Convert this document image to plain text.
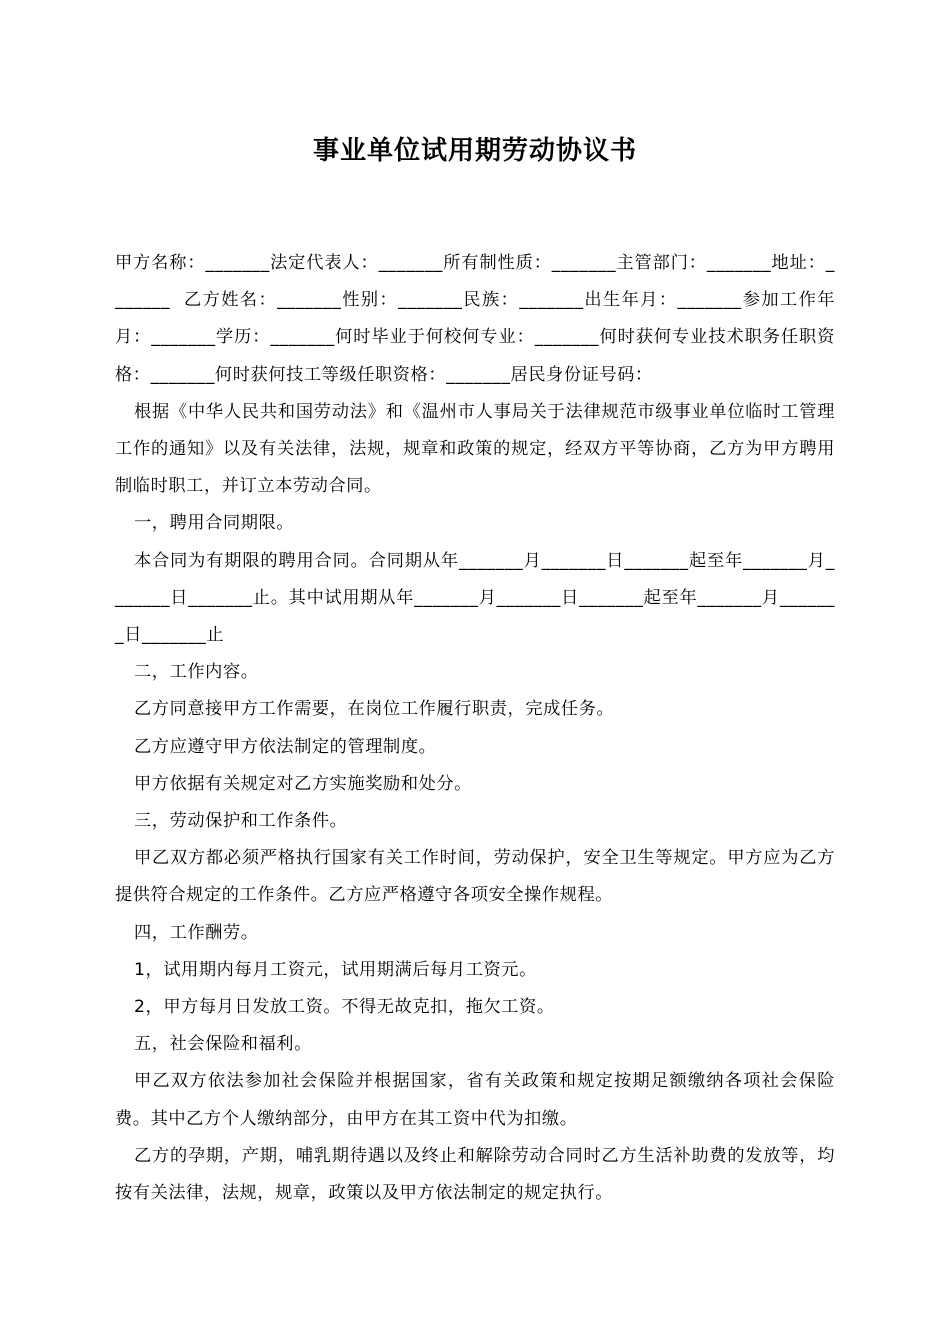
事业单位试用期劳动协议书

甲方名称：_______法定代表人：_______所有制性质：_______主管部门：_______地址：_______  乙方姓名：_______性别：_______民族：_______出生年月：_______参加工作年月：_______学历：_______何时毕业于何校何专业：_______何时获何专业技术职务任职资格：_______何时获何技工等级任职资格：_______居民身份证号码：

根据《中华人民共和国劳动法》和《温州市人事局关于法律规范市级事业单位临时工管理工作的通知》以及有关法律，法规，规章和政策的规定，经双方平等协商，乙方为甲方聘用制临时职工，并订立本劳动合同。

一，聘用合同期限。

本合同为有期限的聘用合同。合同期从年_______月_______日_______起至年_______月_______日_______止。其中试用期从年_______月_______日_______起至年_______月_______日_______止

二，工作内容。

乙方同意接甲方工作需要，在岗位工作履行职责，完成任务。

乙方应遵守甲方依法制定的管理制度。

甲方依据有关规定对乙方实施奖励和处分。

三，劳动保护和工作条件。

甲乙双方都必须严格执行国家有关工作时间，劳动保护，安全卫生等规定。甲方应为乙方提供符合规定的工作条件。乙方应严格遵守各项安全操作规程。

四，工作酬劳。

1，试用期内每月工资元，试用期满后每月工资元。

2，甲方每月日发放工资。不得无故克扣，拖欠工资。

五，社会保险和福利。

甲乙双方依法参加社会保险并根据国家，省有关政策和规定按期足额缴纳各项社会保险费。其中乙方个人缴纳部分，由甲方在其工资中代为扣缴。

乙方的孕期，产期，哺乳期待遇以及终止和解除劳动合同时乙方生活补助费的发放等，均按有关法律，法规，规章，政策以及甲方依法制定的规定执行。
